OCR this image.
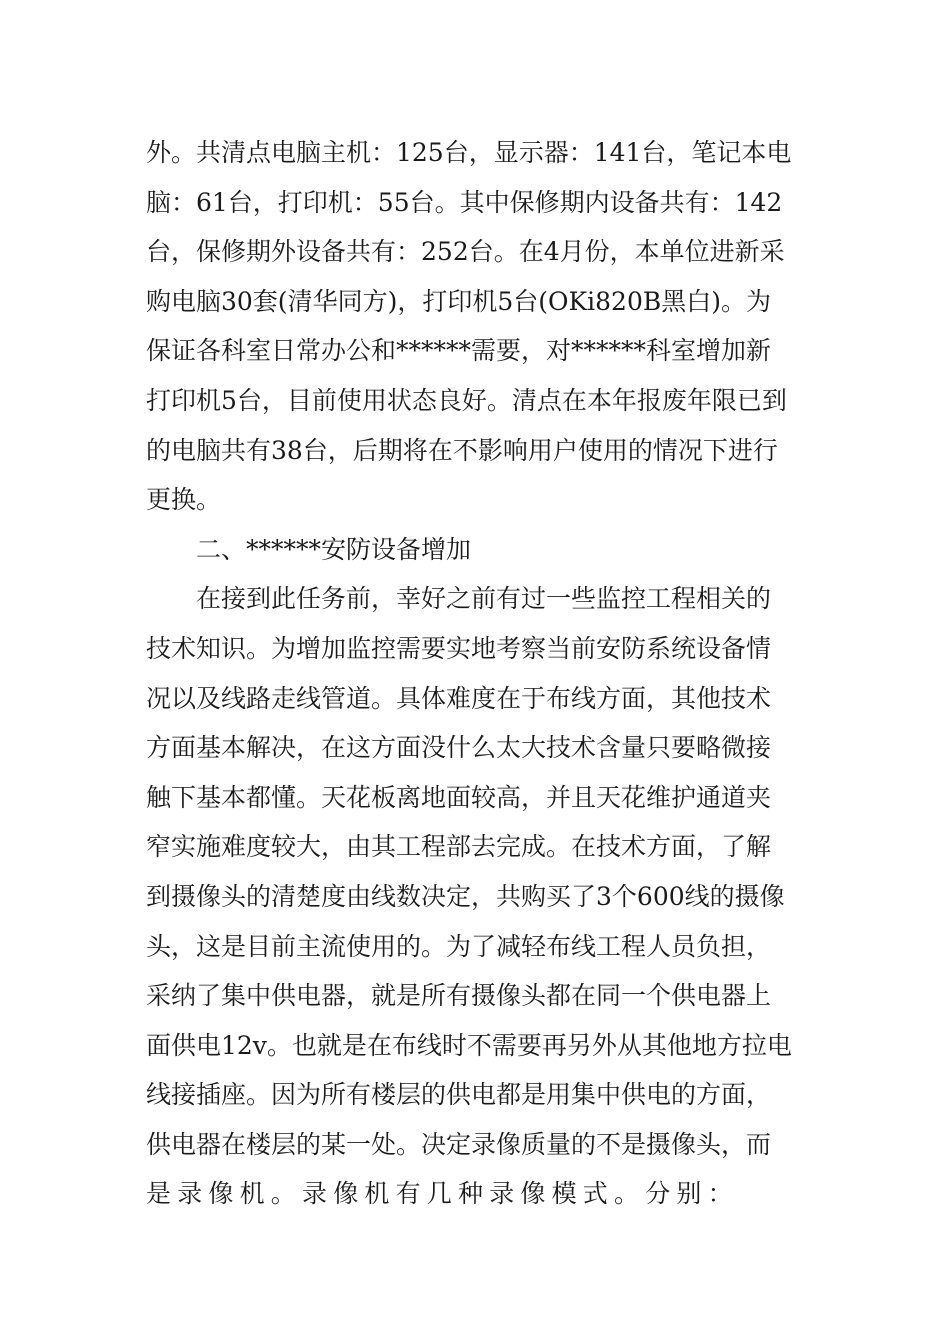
外。共清点电脑主机：125台，显示器：141台，笔记本电
脑：61台，打印机：55台。其中保修期内设备共有：142
台，保修期外设备共有：252台。在4月份，本单位进新采
购电脑30套(清华同方)，打印机5台(OKi820B黑白)。为
保证各科室日常办公和******需要，对******科室增加新
打印机5台，目前使用状态良好。清点在本年报废年限已到
的电脑共有38台，后期将在不影响用户使用的情况下进行
更换。
二、******安防设备增加
在接到此任务前，幸好之前有过一些监控工程相关的
技术知识。为增加监控需要实地考察当前安防系统设备情
况以及线路走线管道。具体难度在于布线方面，其他技术
方面基本解决，在这方面没什么太大技术含量只要略微接
触下基本都懂。天花板离地面较高，并且天花维护通道夹
窄实施难度较大，由其工程部去完成。在技术方面，了解
到摄像头的清楚度由线数决定，共购买了3个600线的摄像
头，这是目前主流使用的。为了减轻布线工程人员负担，
采纳了集中供电器，就是所有摄像头都在同一个供电器上
面供电12v。也就是在布线时不需要再另外从其他地方拉电
线接插座。因为所有楼层的供电都是用集中供电的方面，
供电器在楼层的某一处。决定录像质量的不是摄像头，而
是录像机。录像机有几种录像模式。分别：
